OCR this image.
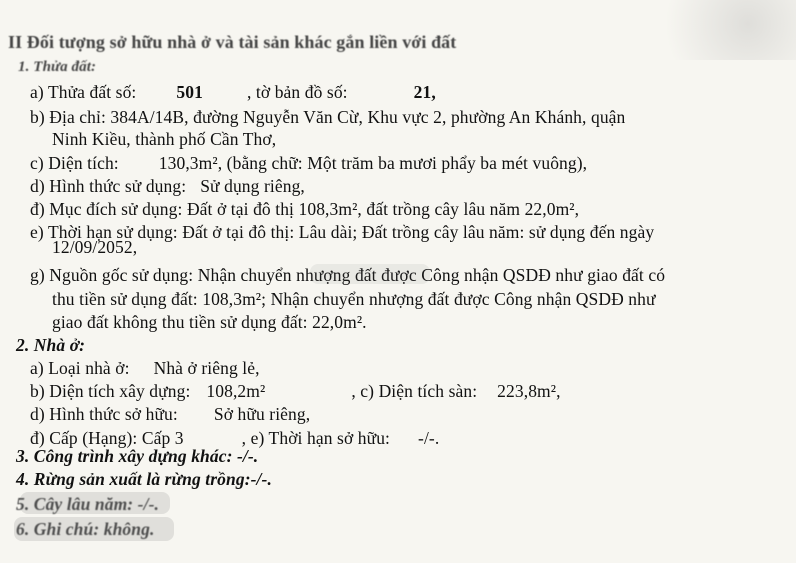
II Đối tượng sở hữu nhà ở và tài sản khác gắn liền với đất
1. Thửa đất:
a) Thửa đất số: 501	, tờ bản đồ số:	21,
b) Địa chỉ: 384A/14B, đường Nguyễn Văn Cừ, Khu vực 2, phường An Khánh, quận
Ninh Kiều, thành phố Cần Thơ,
c) Diện tích: 130,3m², (bằng chữ: Một trăm ba mươi phẩy ba mét vuông),
d) Hình thức sử dụng: Sử dụng riêng,
đ) Mục đích sử dụng: Đất ở tại đô thị 108,3m², đất trồng cây lâu năm 22,0m²,
e) Thời hạn sử dụng: Đất ở tại đô thị: Lâu dài; Đất trồng cây lâu năm: sử dụng đến ngày
12/09/2052,
g) Nguồn gốc sử dụng: Nhận chuyển nhượng đất được Công nhận QSDĐ như giao đất có
thu tiền sử dụng đất: 108,3m²; Nhận chuyển nhượng đất được Công nhận QSDĐ như
giao đất không thu tiền sử dụng đất: 22,0m².
2. Nhà ở:
a) Loại nhà ở: Nhà ở riêng lẻ,
b) Diện tích xây dựng: 108,2m²	, c) Diện tích sàn: 223,8m²,
d) Hình thức sở hữu: Sở hữu riêng,
đ) Cấp (Hạng): Cấp 3	, e) Thời hạn sở hữu: -/-.
3. Công trình xây dựng khác: -/-.
4. Rừng sản xuất là rừng trồng:-/-.
5. Cây lâu năm: -/-.
6. Ghi chú: không.
